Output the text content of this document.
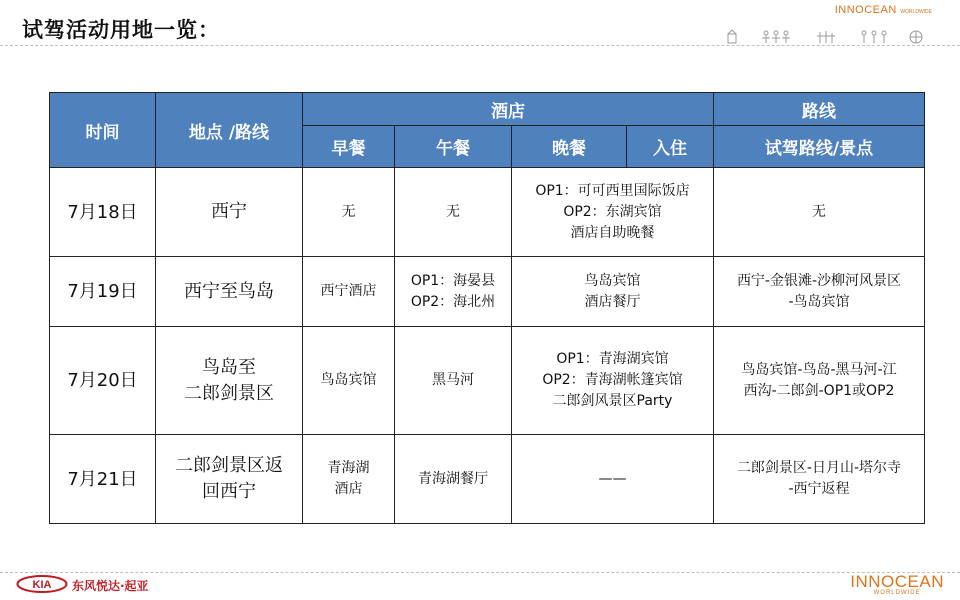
试驾活动用地一览：
INNOCEAN WORLDWIDE
时间	地点 /路线	酒店				路线
		早餐	午餐	晚餐	入住	试驾路线/景点
7月18日	西宁	无	无	OP1：可可西里国际饭店
OP2：东湖宾馆
酒店自助晚餐		无

7月19日	西宁至鸟岛	西宁酒店	OP1：海晏县
OP2：海北州	鸟岛宾馆
酒店餐厅		西宁-金银滩-沙柳河风景区
-鸟岛宾馆

7月20日	鸟岛至
二郎剑景区	鸟岛宾馆	黑马河	OP1：青海湖宾馆
OP2：青海湖帐篷宾馆
二郎剑风景区Party		鸟岛宾馆-鸟岛-黑马河-江
西沟-二郎剑-OP1或OP2

7月21日	二郎剑景区返
回西宁	青海湖
酒店	青海湖餐厅	——		二郎剑景区-日月山-塔尔寺
-西宁返程
KIA 东风悦达·起亚	INNOCEAN
WORLDWIDE
